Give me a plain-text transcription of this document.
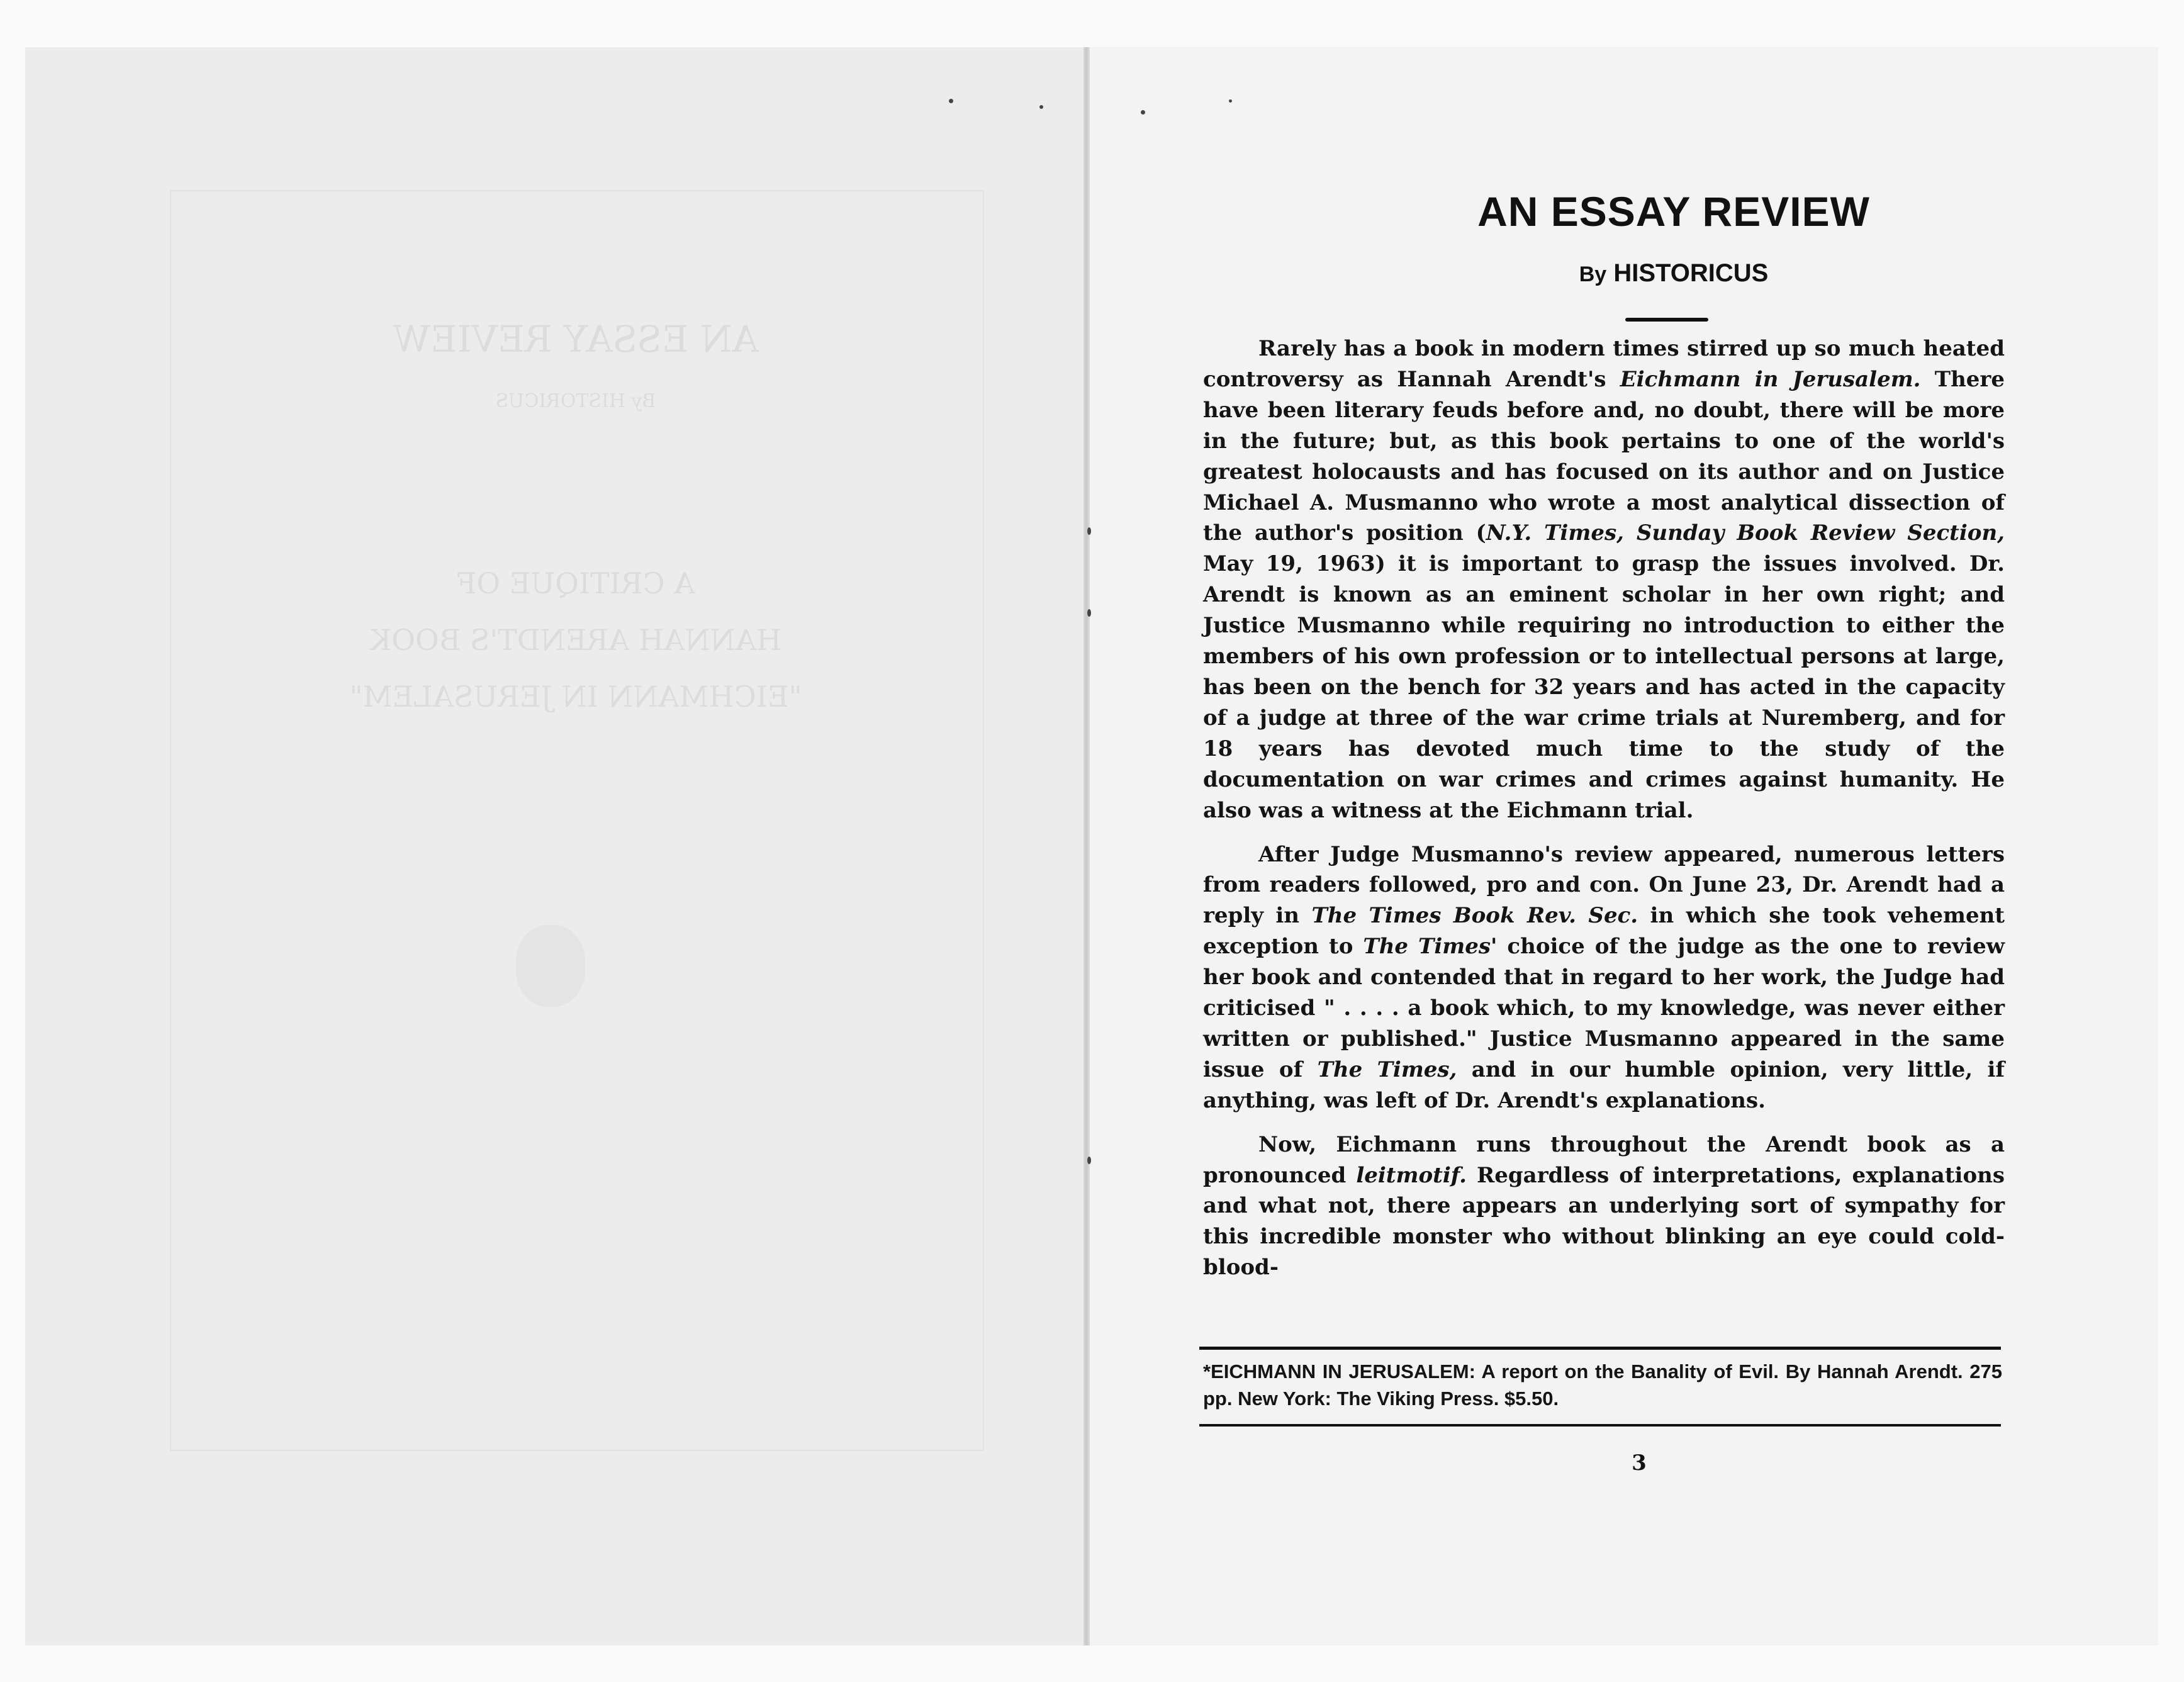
AN ESSAY REVIEW
By HISTORICUS
A CRITIQUE OF
HANNAH ARENDT'S BOOK
"EICHMANN IN JERUSALEM"
AN ESSAY REVIEW
By HISTORICUS

Rarely has a book in modern times stirred up so much heated controversy as Hannah Arendt's Eichmann in Jerusalem. There have been literary feuds before and, no doubt, there will be more in the future; but, as this book pertains to one of the world's greatest holocausts and has focused on its author and on Justice Michael A. Musmanno who wrote a most analytical dissection of the author's position (N.Y. Times, Sunday Book Review Section, May 19, 1963) it is important to grasp the issues involved. Dr. Arendt is known as an eminent scholar in her own right; and Justice Musmanno while requiring no introduction to either the members of his own profession or to intellectual persons at large, has been on the bench for 32 years and has acted in the capacity of a judge at three of the war crime trials at Nuremberg, and for 18 years has devoted much time to the study of the documentation on war crimes and crimes against humanity. He also was a witness at the Eichmann trial.

After Judge Musmanno's review appeared, numerous letters from readers followed, pro and con. On June 23, Dr. Arendt had a reply in The Times Book Rev. Sec. in which she took vehement exception to The Times' choice of the judge as the one to review her book and contended that in regard to her work, the Judge had criticised " . . . . a book which, to my knowledge, was never either written or published." Justice Musmanno appeared in the same issue of The Times, and in our humble opinion, very little, if anything, was left of Dr. Arendt's explanations.

Now, Eichmann runs throughout the Arendt book as a pronounced leitmotif. Regardless of interpretations, explanations and what not, there appears an underlying sort of sympathy for this incredible monster who without blinking an eye could cold-blood-

*EICHMANN IN JERUSALEM: A report on the Banality of Evil. By Hannah Arendt. 275 pp. New York: The Viking Press. $5.50.
3
